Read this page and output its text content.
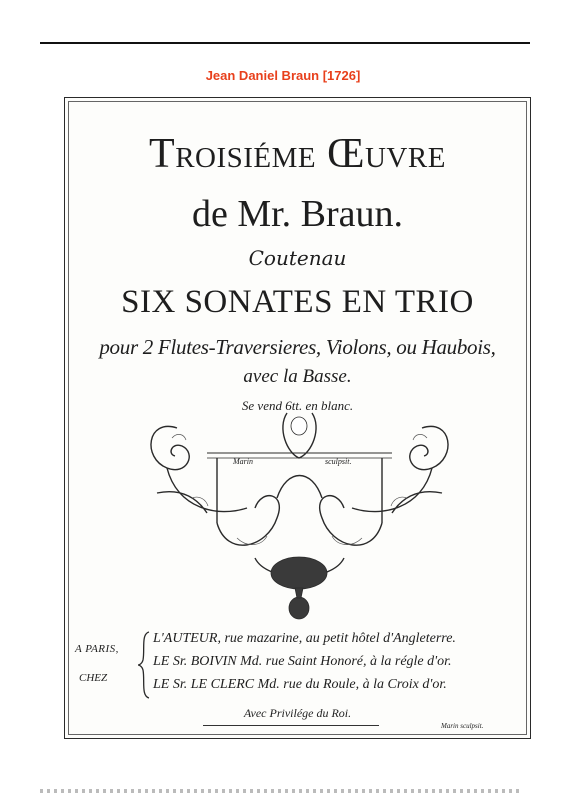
Jean Daniel Braun [1726]
Troisiéme Œuvre
de Mr. Braun.
Coutenau
SIX SONATES EN TRIO
pour 2 Flutes-Traversieres, Violons, ou Haubois,
avec la Basse.
Se vend 6tt. en blanc.
Marin	sculpsit.
A PARIS,
CHEZ
L'AUTEUR, rue mazarine, au petit hôtel d'Angleterre.
LE Sr. BOIVIN Md. rue Saint Honoré, à la régle d'or.
LE Sr. LE CLERC Md. rue du Roule, à la Croix d'or.
Avec Privilége du Roi.
Marin sculpsit.
